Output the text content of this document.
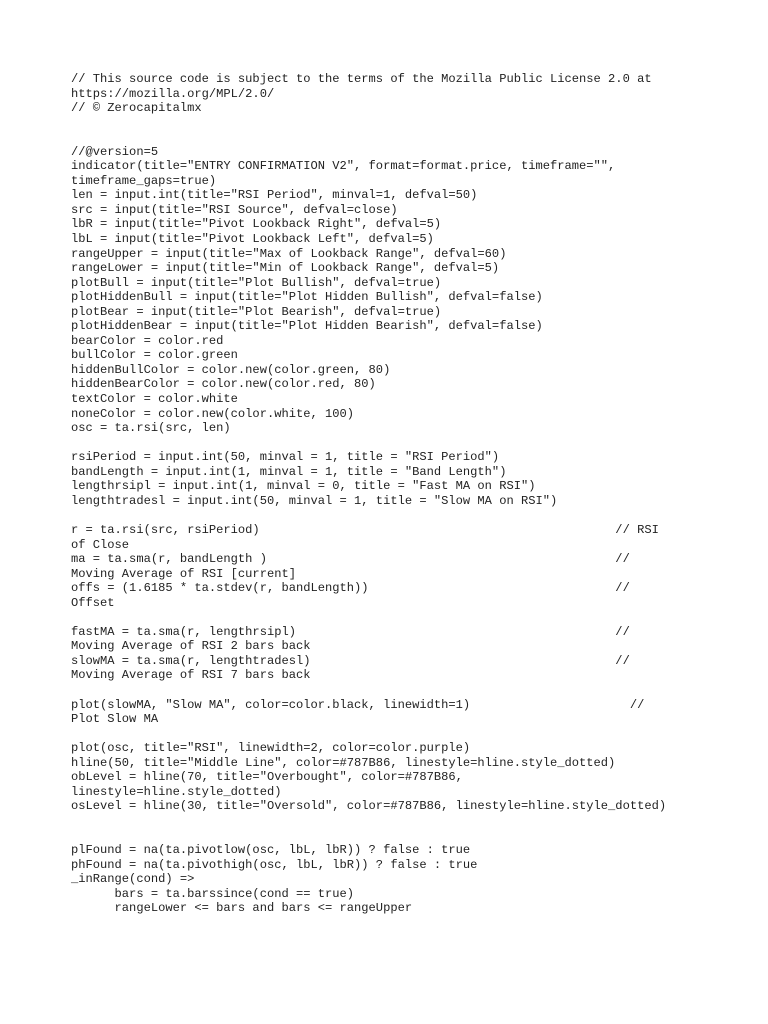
// This source code is subject to the terms of the Mozilla Public License 2.0 at
https://mozilla.org/MPL/2.0/
// © Zerocapitalmx
//@version=5
indicator(title="ENTRY CONFIRMATION V2", format=format.price, timeframe="",
timeframe_gaps=true)
len = input.int(title="RSI Period", minval=1, defval=50)
src = input(title="RSI Source", defval=close)
lbR = input(title="Pivot Lookback Right", defval=5)
lbL = input(title="Pivot Lookback Left", defval=5)
rangeUpper = input(title="Max of Lookback Range", defval=60)
rangeLower = input(title="Min of Lookback Range", defval=5)
plotBull = input(title="Plot Bullish", defval=true)
plotHiddenBull = input(title="Plot Hidden Bullish", defval=false)
plotBear = input(title="Plot Bearish", defval=true)
plotHiddenBear = input(title="Plot Hidden Bearish", defval=false)
bearColor = color.red
bullColor = color.green
hiddenBullColor = color.new(color.green, 80)
hiddenBearColor = color.new(color.red, 80)
textColor = color.white
noneColor = color.new(color.white, 100)
osc = ta.rsi(src, len)
rsiPeriod = input.int(50, minval = 1, title = "RSI Period")
bandLength = input.int(1, minval = 1, title = "Band Length")
lengthrsipl = input.int(1, minval = 0, title = "Fast MA on RSI")
lengthtradesl = input.int(50, minval = 1, title = "Slow MA on RSI")
r = ta.rsi(src, rsiPeriod)                                                 // RSI
of Close
ma = ta.sma(r, bandLength )                                                //
Moving Average of RSI [current]
offs = (1.6185 * ta.stdev(r, bandLength))                                  //
Offset
fastMA = ta.sma(r, lengthrsipl)                                            //
Moving Average of RSI 2 bars back
slowMA = ta.sma(r, lengthtradesl)                                          //
Moving Average of RSI 7 bars back
plot(slowMA, "Slow MA", color=color.black, linewidth=1)                      //
Plot Slow MA
plot(osc, title="RSI", linewidth=2, color=color.purple)
hline(50, title="Middle Line", color=#787B86, linestyle=hline.style_dotted)
obLevel = hline(70, title="Overbought", color=#787B86,
linestyle=hline.style_dotted)
osLevel = hline(30, title="Oversold", color=#787B86, linestyle=hline.style_dotted)
plFound = na(ta.pivotlow(osc, lbL, lbR)) ? false : true
phFound = na(ta.pivothigh(osc, lbL, lbR)) ? false : true
_inRange(cond) =>
bars = ta.barssince(cond == true)
rangeLower <= bars and bars <= rangeUpper
